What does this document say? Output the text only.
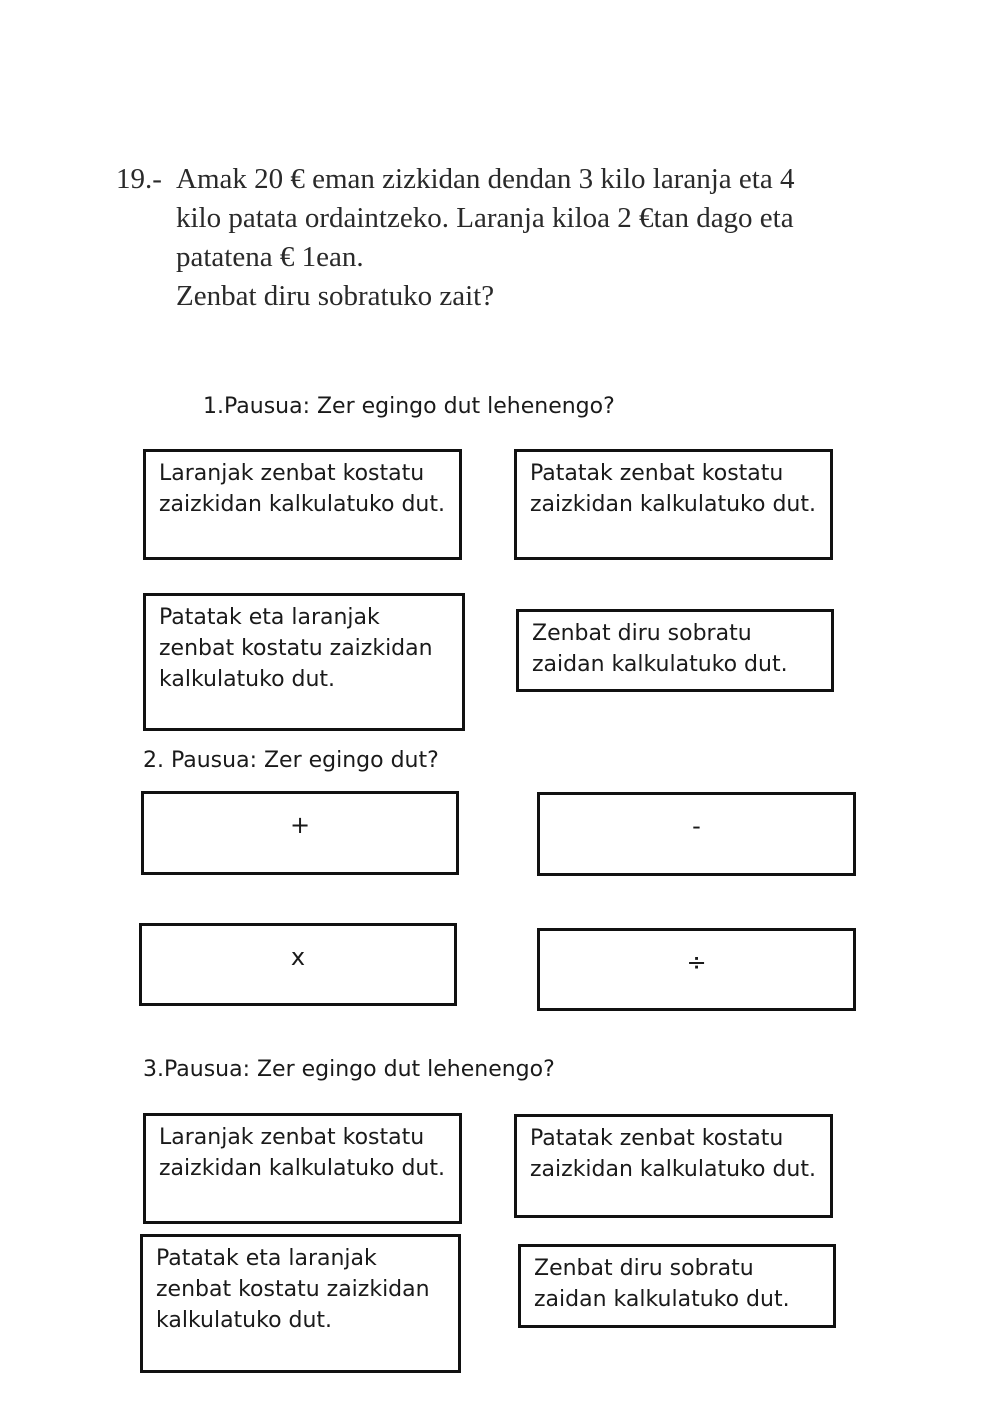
19.- Amak 20 € eman zizkidan dendan 3 kilo laranja eta 4
kilo patata ordaintzeko. Laranja kiloa 2 €tan dago eta
patatena € 1ean.
Zenbat diru sobratuko zait?
1.Pausua: Zer egingo dut lehenengo?
Laranjak zenbat kostatu zaizkidan kalkulatuko dut.
Patatak zenbat kostatu zaizkidan kalkulatuko dut.
Patatak eta laranjak zenbat kostatu zaizkidan kalkulatuko dut.
Zenbat diru sobratu zaidan kalkulatuko dut.
2. Pausua: Zer egingo dut?
+	-
x	÷
3.Pausua: Zer egingo dut lehenengo?
Laranjak zenbat kostatu zaizkidan kalkulatuko dut.
Patatak zenbat kostatu zaizkidan kalkulatuko dut.
Patatak eta laranjak zenbat kostatu zaizkidan kalkulatuko dut.
Zenbat diru sobratu zaidan kalkulatuko dut.
